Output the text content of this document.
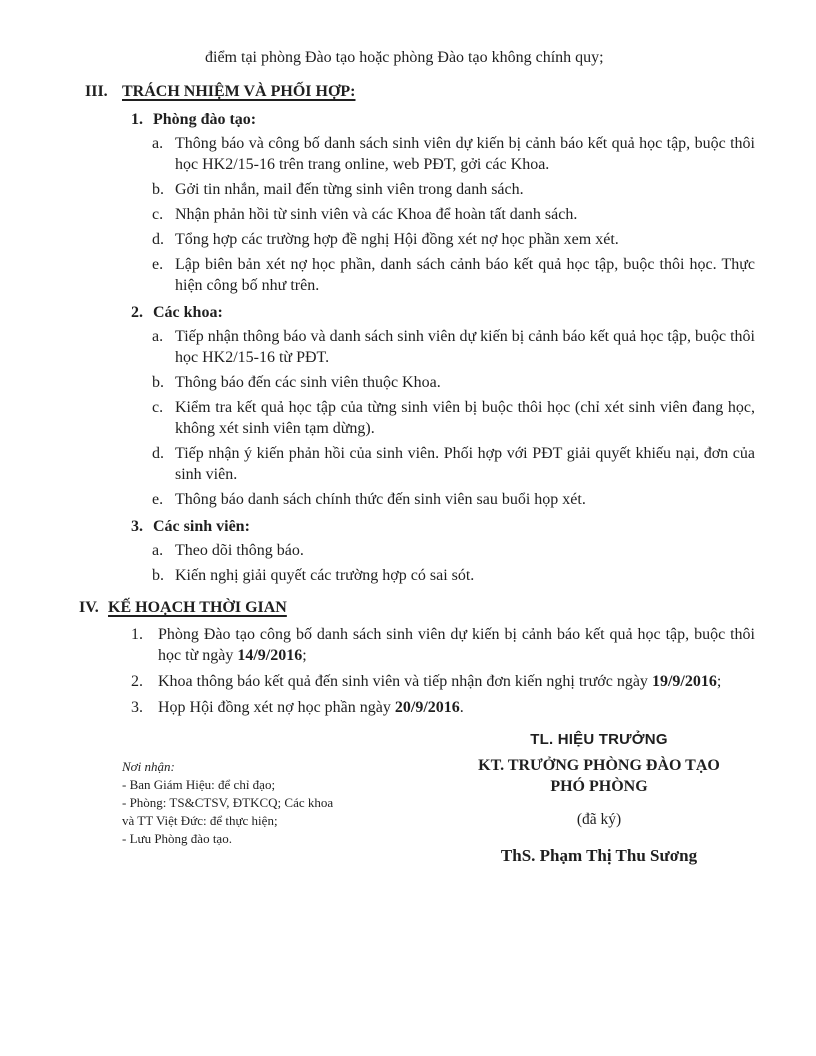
điểm tại phòng Đào tạo hoặc phòng Đào tạo không chính quy;

III. TRÁCH NHIỆM VÀ PHỐI HỢP:
1. Phòng đào tạo:
a. Thông báo và công bố danh sách sinh viên dự kiến bị cảnh báo kết quả học tập, buộc thôi học HK2/15-16 trên trang online, web PĐT, gởi các Khoa.
b. Gởi tin nhắn, mail đến từng sinh viên trong danh sách.
c. Nhận phản hồi từ sinh viên và các Khoa để hoàn tất danh sách.
d. Tổng hợp các trường hợp đề nghị Hội đồng xét nợ học phần xem xét.
e. Lập biên bản xét nợ học phần, danh sách cảnh báo kết quả học tập, buộc thôi học. Thực hiện công bố như trên.
2. Các khoa:
a. Tiếp nhận thông báo và danh sách sinh viên dự kiến bị cảnh báo kết quả học tập, buộc thôi học HK2/15-16 từ PĐT.
b. Thông báo đến các sinh viên thuộc Khoa.
c. Kiểm tra kết quả học tập của từng sinh viên bị buộc thôi học (chỉ xét sinh viên đang học, không xét sinh viên tạm dừng).
d. Tiếp nhận ý kiến phản hồi của sinh viên. Phối hợp với PĐT giải quyết khiếu nại, đơn của sinh viên.
e. Thông báo danh sách chính thức đến sinh viên sau buổi họp xét.
3. Các sinh viên:
a. Theo dõi thông báo.
b. Kiến nghị giải quyết các trường hợp có sai sót.
IV. KẾ HOẠCH THỜI GIAN
1. Phòng Đào tạo công bố danh sách sinh viên dự kiến bị cảnh báo kết quả học tập, buộc thôi học từ ngày 14/9/2016;
2. Khoa thông báo kết quả đến sinh viên và tiếp nhận đơn kiến nghị trước ngày 19/9/2016;
3. Họp Hội đồng xét nợ học phần ngày 20/9/2016.
Nơi nhận:
- Ban Giám Hiệu: để chỉ đạo;
- Phòng: TS&CTSV, ĐTKCQ; Các khoa
và TT Việt Đức: để thực hiện;
- Lưu Phòng đào tạo.
TL. HIỆU TRƯỞNG
KT. TRƯỞNG PHÒNG ĐÀO TẠO
PHÓ PHÒNG
(đã ký)
ThS. Phạm Thị Thu Sương
